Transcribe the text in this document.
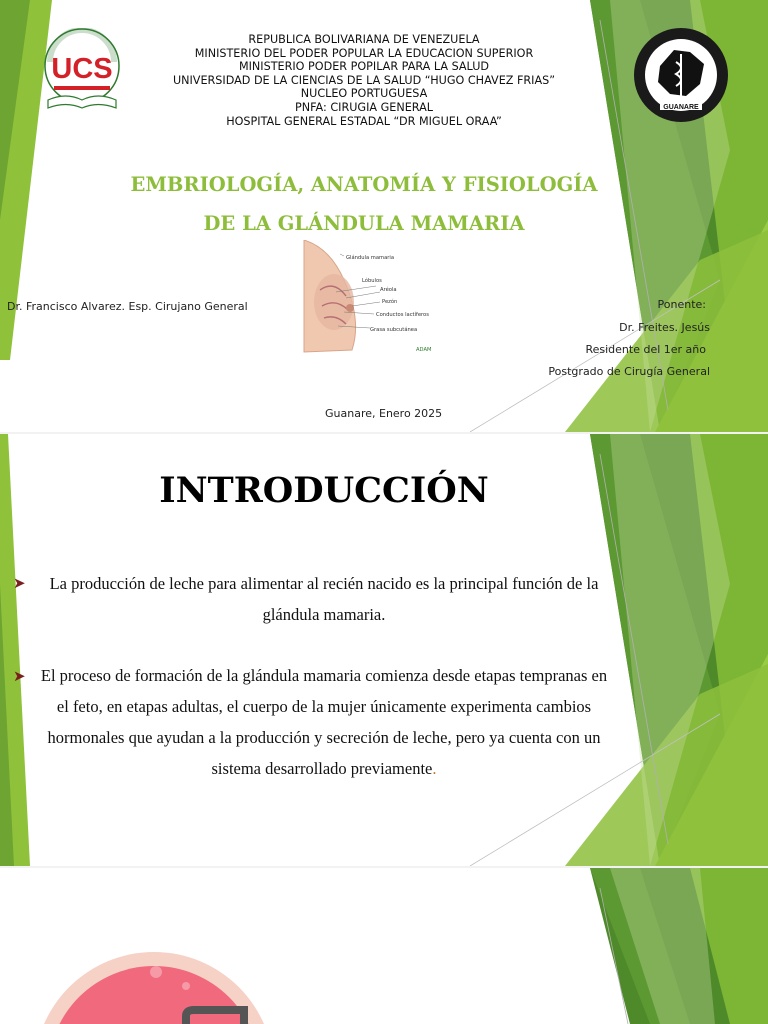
UCS
GUANARE
REPUBLICA BOLIVARIANA DE VENEZUELA
MINISTERIO DEL PODER POPULAR LA EDUCACION SUPERIOR
MINISTERIO PODER POPILAR PARA LA SALUD
UNIVERSIDAD DE LA CIENCIAS DE LA SALUD “HUGO CHAVEZ FRIAS”
NUCLEO PORTUGUESA
PNFA: CIRUGIA GENERAL
HOSPITAL GENERAL ESTADAL “DR MIGUEL ORAA”
EMBRIOLOGÍA, ANATOMÍA Y FISIOLOGÍA
DE LA GLÁNDULA MAMARIA
Glándula mamaria
Lóbulos
Aréola
Pezón
Conductos lactíferos
Grasa subcutánea
ADAM
Dr. Francisco Alvarez. Esp. Cirujano General	Ponente:
Dr. Freites. Jesús
Residente del 1er año
Postgrado de Cirugía General
Guanare, Enero 2025
INTRODUCCIÓN
➤	La producción de leche para alimentar al recién nacido es la principal función de la glándula mamaria.
➤ El proceso de formación de la glándula mamaria comienza desde etapas tempranas en el feto, en etapas adultas, el cuerpo de la mujer únicamente experimenta cambios hormonales que ayudan a la producción y secreción de leche, pero ya cuenta con un sistema desarrollado previamente.
